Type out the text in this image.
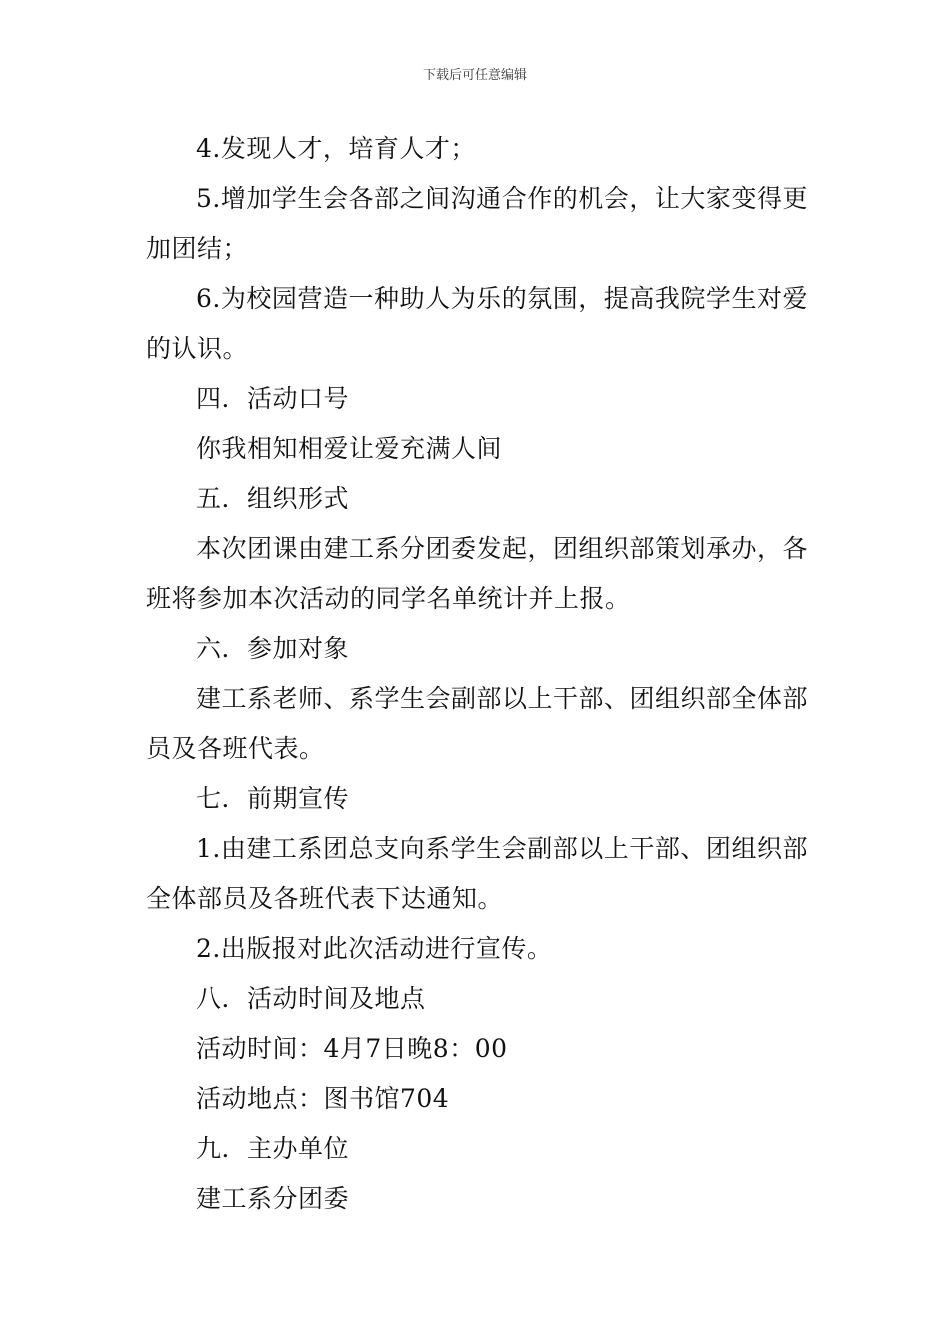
下载后可任意编辑

4.发现人才，培育人才；

5.增加学生会各部之间沟通合作的机会，让大家变得更加团结；

6.为校园营造一种助人为乐的氛围，提高我院学生对爱的认识。

四．活动口号

你我相知相爱让爱充满人间

五．组织形式

本次团课由建工系分团委发起，团组织部策划承办，各班将参加本次活动的同学名单统计并上报。

六．参加对象

建工系老师、系学生会副部以上干部、团组织部全体部员及各班代表。

七．前期宣传

1.由建工系团总支向系学生会副部以上干部、团组织部全体部员及各班代表下达通知。

2.出版报对此次活动进行宣传。

八．活动时间及地点

活动时间：4月7日晚8：00

活动地点：图书馆704

九．主办单位

建工系分团委
